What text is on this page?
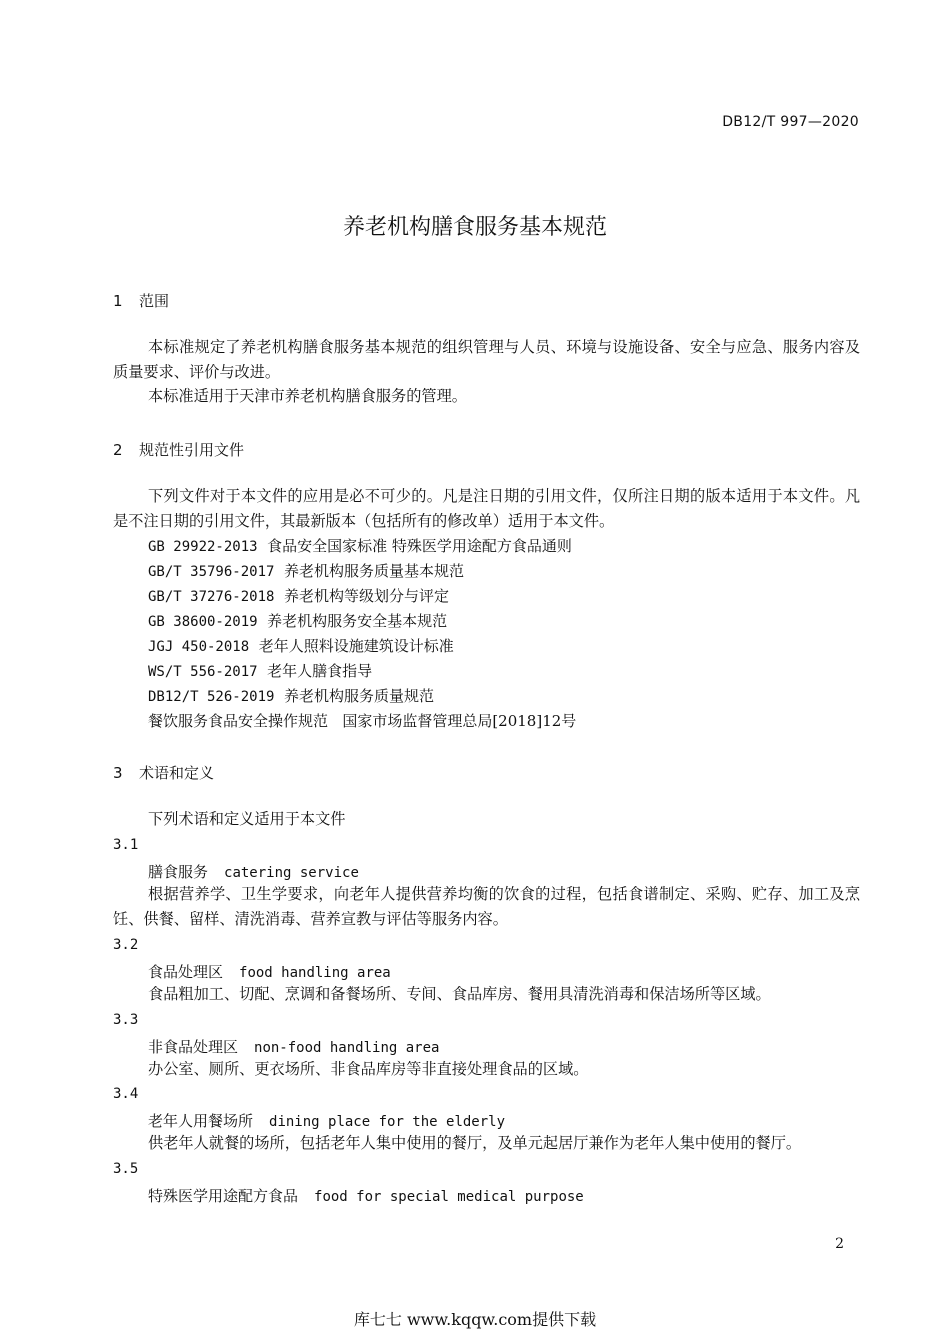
DB12/T 997—2020
养老机构膳食服务基本规范
1 范围
本标准规定了养老机构膳食服务基本规范的组织管理与人员、环境与设施设备、安全与应急、服务内容及质量要求、评价与改进。
本标准适用于天津市养老机构膳食服务的管理。
2 规范性引用文件
下列文件对于本文件的应用是必不可少的。凡是注日期的引用文件，仅所注日期的版本适用于本文件。凡是不注日期的引用文件，其最新版本（包括所有的修改单）适用于本文件。
GB 29922-2013 食品安全国家标准 特殊医学用途配方食品通则
GB/T 35796-2017 养老机构服务质量基本规范
GB/T 37276-2018 养老机构等级划分与评定
GB 38600-2019 养老机构服务安全基本规范
JGJ 450-2018 老年人照料设施建筑设计标准
WS/T 556-2017 老年人膳食指导
DB12/T 526-2019 养老机构服务质量规范
餐饮服务食品安全操作规范 国家市场监督管理总局[2018]12号
3 术语和定义
下列术语和定义适用于本文件
3.1
膳食服务 catering service
根据营养学、卫生学要求，向老年人提供营养均衡的饮食的过程，包括食谱制定、采购、贮存、加工及烹饪、供餐、留样、清洗消毒、营养宣教与评估等服务内容。
3.2
食品处理区 food handling area
食品粗加工、切配、烹调和备餐场所、专间、食品库房、餐用具清洗消毒和保洁场所等区域。
3.3
非食品处理区 non-food handling area
办公室、厕所、更衣场所、非食品库房等非直接处理食品的区域。
3.4
老年人用餐场所 dining place for the elderly
供老年人就餐的场所，包括老年人集中使用的餐厅，及单元起居厅兼作为老年人集中使用的餐厅。
3.5
特殊医学用途配方食品 food for special medical purpose
2
库七七 www.kqqw.com提供下载
